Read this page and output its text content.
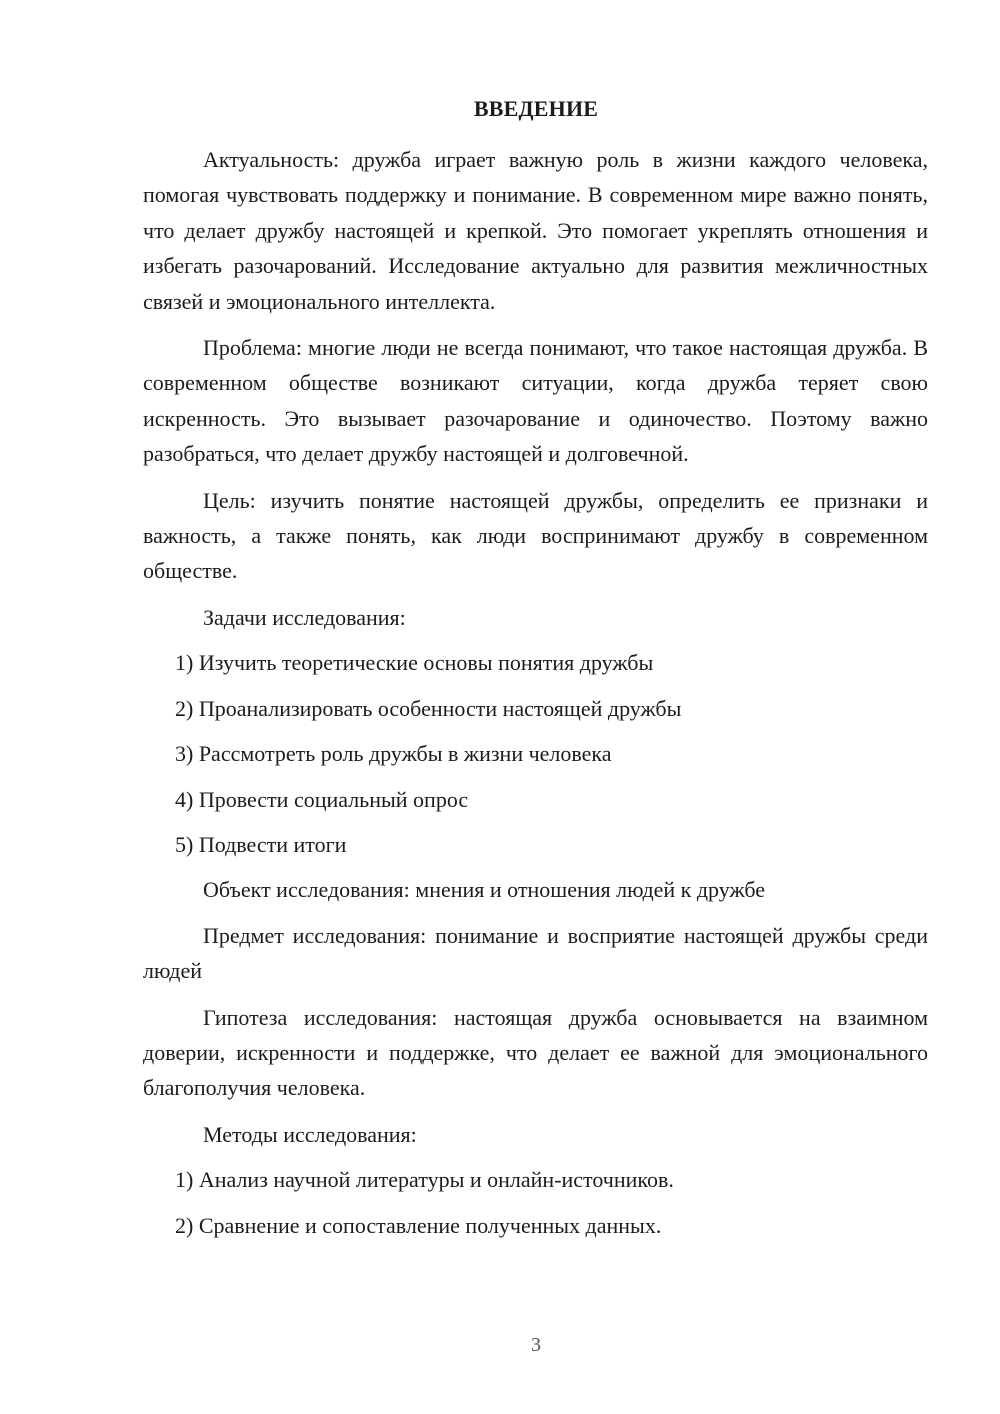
ВВЕДЕНИЕ

Актуальность: дружба играет важную роль в жизни каждого человека, помогая чувствовать поддержку и понимание. В современном мире важно понять, что делает дружбу настоящей и крепкой. Это помогает укреплять отношения и избегать разочарований. Исследование актуально для развития межличностных связей и эмоционального интеллекта.

Проблема: многие люди не всегда понимают, что такое настоящая дружба. В современном обществе возникают ситуации, когда дружба теряет свою искренность. Это вызывает разочарование и одиночество. Поэтому важно разобраться, что делает дружбу настоящей и долговечной.

Цель: изучить понятие настоящей дружбы, определить ее признаки и важность, а также понять, как люди воспринимают дружбу в современном обществе.

Задачи исследования:

1) Изучить теоретические основы понятия дружбы
2) Проанализировать особенности настоящей дружбы
3) Рассмотреть роль дружбы в жизни человека
4) Провести социальный опрос
5) Подвести итоги

Объект исследования: мнения и отношения людей к дружбе

Предмет исследования: понимание и восприятие настоящей дружбы среди людей

Гипотеза исследования: настоящая дружба основывается на взаимном доверии, искренности и поддержке, что делает ее важной для эмоционального благополучия человека.

Методы исследования:

1) Анализ научной литературы и онлайн-источников.
2) Сравнение и сопоставление полученных данных.
3
